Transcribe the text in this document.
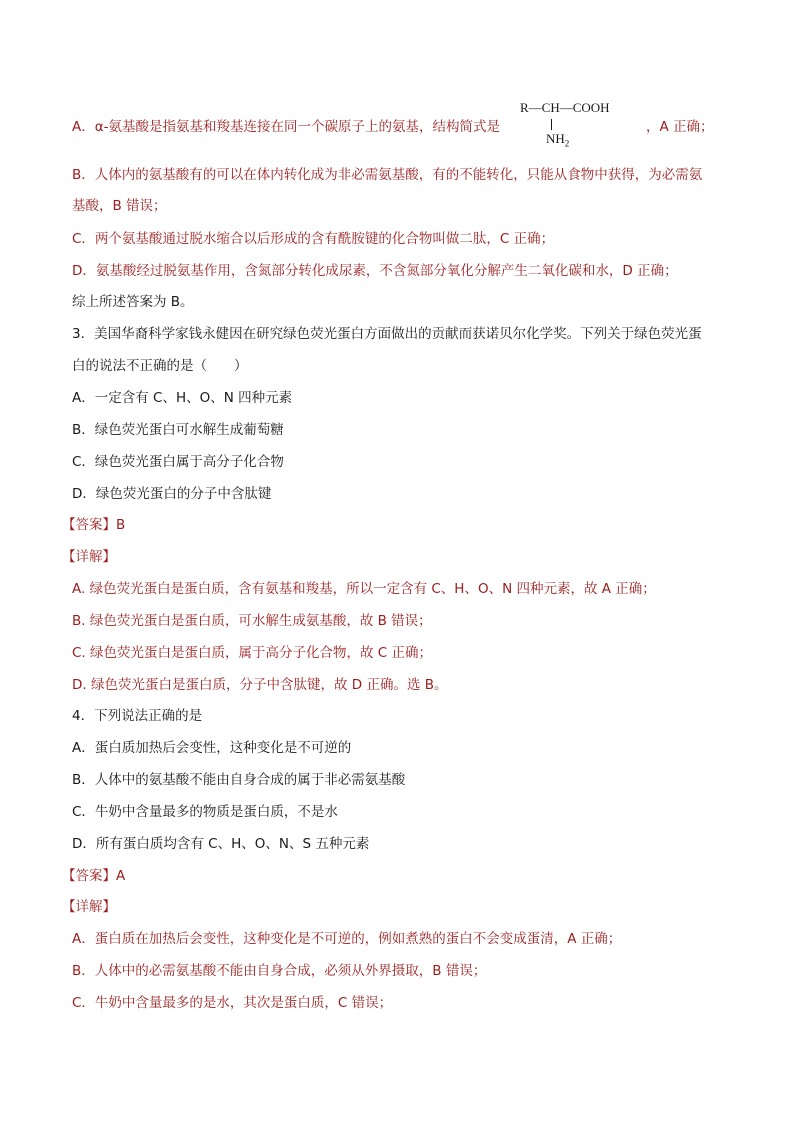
A．α-氨基酸是指氨基和羧基连接在同一个碳原子上的氨基，结构简式是
R—CH—COOH
$NH_2$
，A 正确；
B．人体内的氨基酸有的可以在体内转化成为非必需氨基酸，有的不能转化，只能从食物中获得，为必需氨
基酸，B 错误；
C．两个氨基酸通过脱水缩合以后形成的含有酰胺键的化合物叫做二肽，C 正确；
D．氨基酸经过脱氨基作用，含氮部分转化成尿素，不含氮部分氧化分解产生二氧化碳和水，D 正确；
综上所述答案为 B。
3．美国华裔科学家钱永健因在研究绿色荧光蛋白方面做出的贡献而获诺贝尔化学奖。下列关于绿色荧光蛋
白的说法不正确的是（　　）
A．一定含有 C、H、O、N 四种元素
B．绿色荧光蛋白可水解生成葡萄糖
C．绿色荧光蛋白属于高分子化合物
D．绿色荧光蛋白的分子中含肽键
【答案】B
【详解】
A. 绿色荧光蛋白是蛋白质，含有氨基和羧基，所以一定含有 C、H、O、N 四种元素，故 A 正确；
B. 绿色荧光蛋白是蛋白质，可水解生成氨基酸，故 B 错误；
C. 绿色荧光蛋白是蛋白质，属于高分子化合物，故 C 正确；
D. 绿色荧光蛋白是蛋白质，分子中含肽键，故 D 正确。选 B。
4．下列说法正确的是
A．蛋白质加热后会变性，这种变化是不可逆的
B．人体中的氨基酸不能由自身合成的属于非必需氨基酸
C．牛奶中含量最多的物质是蛋白质，不是水
D．所有蛋白质均含有 C、H、O、N、S 五种元素
【答案】A
【详解】
A．蛋白质在加热后会变性，这种变化是不可逆的，例如煮熟的蛋白不会变成蛋清，A 正确；
B．人体中的必需氨基酸不能由自身合成，必须从外界摄取，B 错误；
C．牛奶中含量最多的是水，其次是蛋白质，C 错误；
